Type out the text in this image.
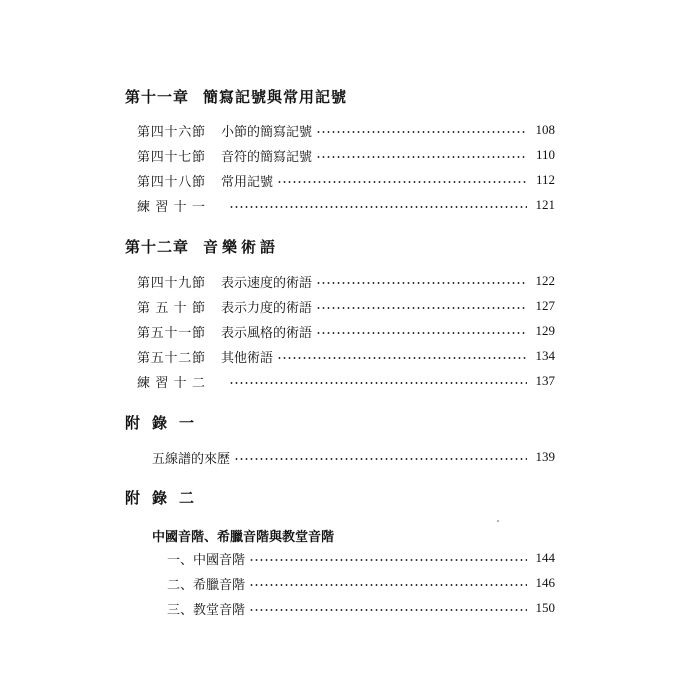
第十一章 簡寫記號與常用記號
第四十六節 小節的簡寫記號	108
第四十七節 音符的簡寫記號	110
第四十八節 常用記號	112
練習十一	121
第十二章 音樂術語
第四十九節 表示速度的術語	122
第五十節 表示力度的術語	127
第五十一節 表示風格的術語	129
第五十二節 其他術語	134
練習十二	137
附錄一
五線譜的來歷	139
附錄二
中國音階、希臘音階與教堂音階
一、中國音階	144
二、希臘音階	146
三、教堂音階	150
